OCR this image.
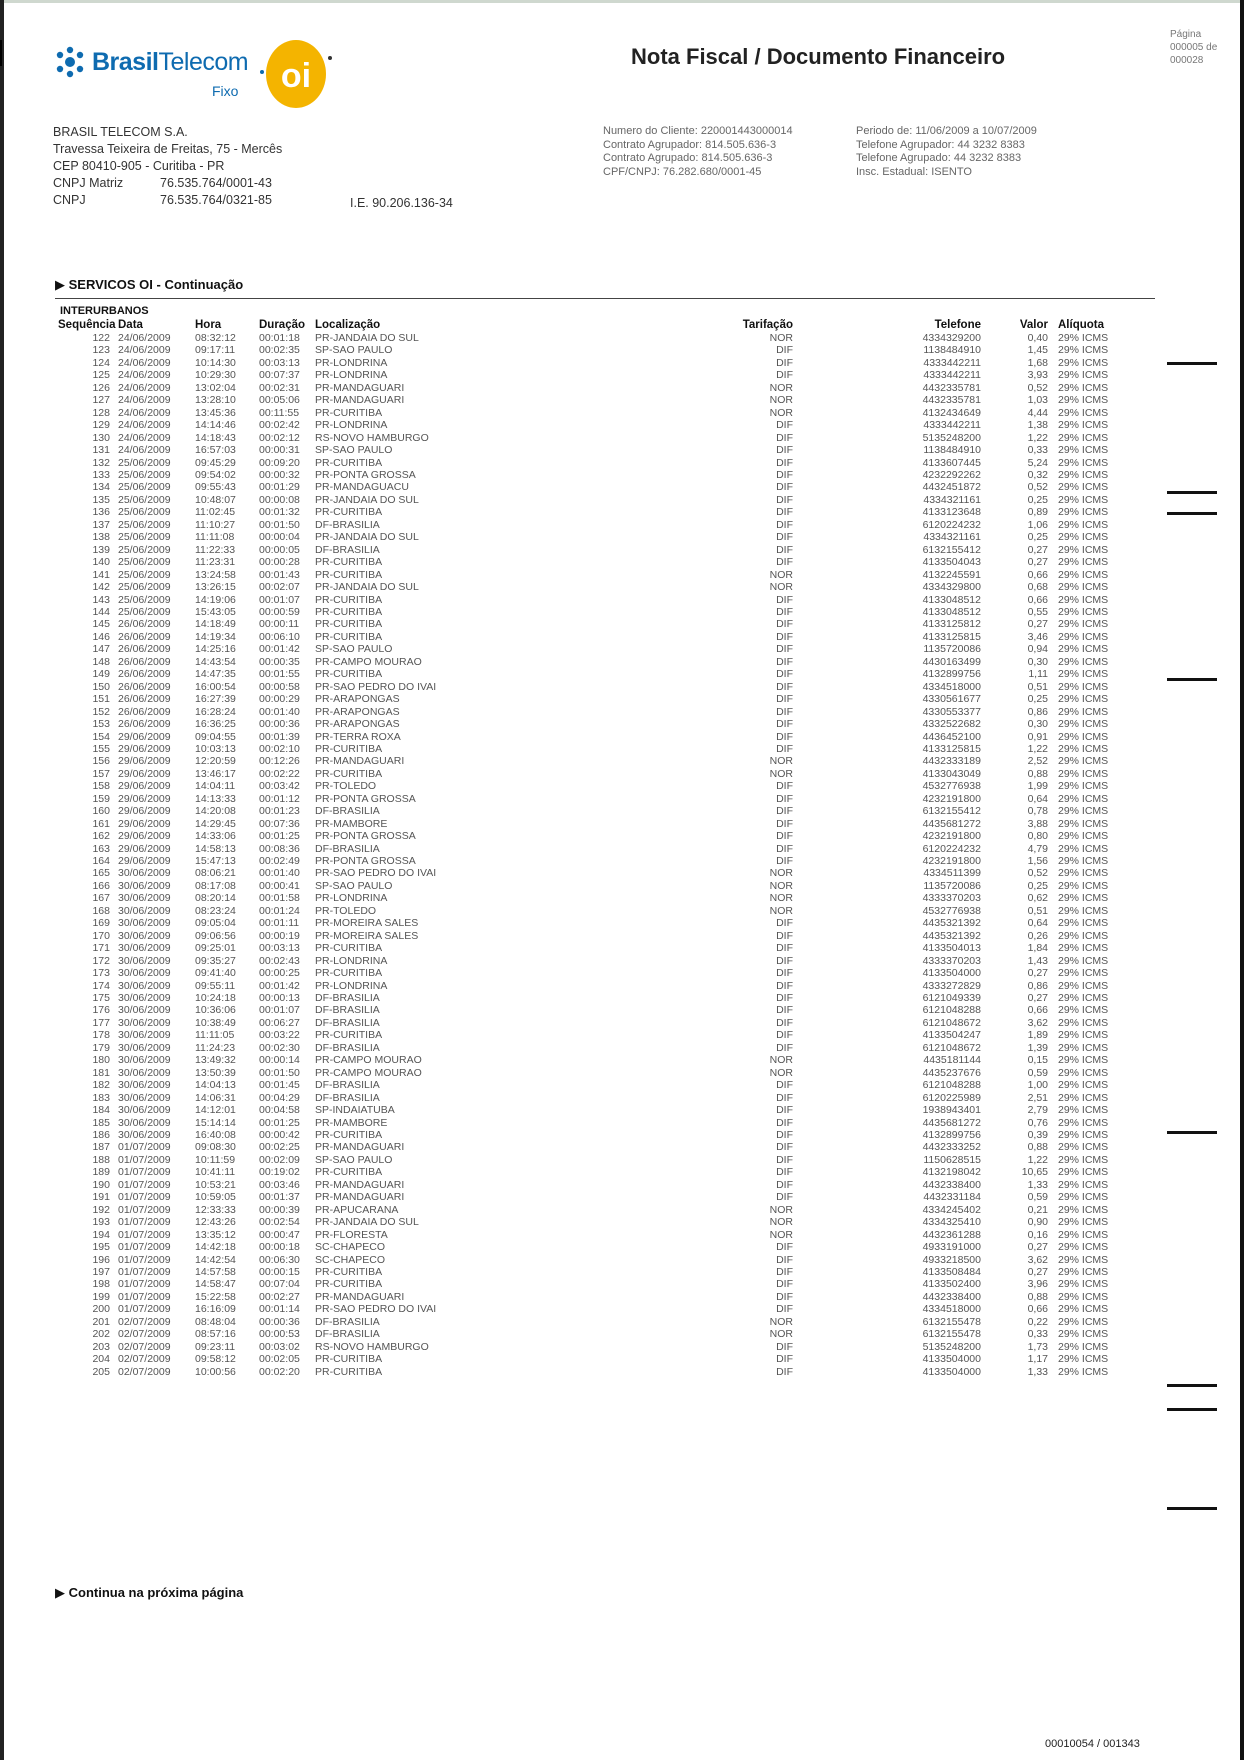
BrasilTelecom
Fixo oi
Nota Fiscal / Documento Financeiro
Página
000005 de
000028
BRASIL TELECOM S.A.
Travessa Teixeira de Freitas, 75 - Mercês
CEP 80410-905 - Curitiba - PR
CNPJ Matriz	76.535.764/0001-43
CNPJ	76.535.764/0321-85	I.E. 90.206.136-34
Numero do Cliente: 220001443000014
Contrato Agrupador: 814.505.636-3
Contrato Agrupado: 814.505.636-3
CPF/CNPJ: 76.282.680/0001-45
Periodo de: 11/06/2009 a 10/07/2009
Telefone Agrupador: 44 3232 8383
Telefone Agrupado: 44 3232 8383
Insc. Estadual: ISENTO
▶ SERVICOS OI - Continuação
INTERURBANOS
Sequência	Data	Hora	Duração	Localização	Tarifação	Telefone	Valor	Alíquota
122	24/06/2009	08:32:12	00:01:18	PR-JANDAIA DO SUL	NOR	4334329200	0,40	29% ICMS
123	24/06/2009	09:17:11	00:02:35	SP-SAO PAULO	DIF	1138484910	1,45	29% ICMS
124	24/06/2009	10:14:30	00:03:13	PR-LONDRINA	DIF	4333442211	1,68	29% ICMS
125	24/06/2009	10:29:30	00:07:37	PR-LONDRINA	DIF	4333442211	3,93	29% ICMS
126	24/06/2009	13:02:04	00:02:31	PR-MANDAGUARI	NOR	4432335781	0,52	29% ICMS
127	24/06/2009	13:28:10	00:05:06	PR-MANDAGUARI	NOR	4432335781	1,03	29% ICMS
128	24/06/2009	13:45:36	00:11:55	PR-CURITIBA	NOR	4132434649	4,44	29% ICMS
129	24/06/2009	14:14:46	00:02:42	PR-LONDRINA	DIF	4333442211	1,38	29% ICMS
130	24/06/2009	14:18:43	00:02:12	RS-NOVO HAMBURGO	DIF	5135248200	1,22	29% ICMS
131	24/06/2009	16:57:03	00:00:31	SP-SAO PAULO	DIF	1138484910	0,33	29% ICMS
132	25/06/2009	09:45:29	00:09:20	PR-CURITIBA	DIF	4133607445	5,24	29% ICMS
133	25/06/2009	09:54:02	00:00:32	PR-PONTA GROSSA	DIF	4232292262	0,32	29% ICMS
134	25/06/2009	09:55:43	00:01:29	PR-MANDAGUACU	DIF	4432451872	0,52	29% ICMS
135	25/06/2009	10:48:07	00:00:08	PR-JANDAIA DO SUL	DIF	4334321161	0,25	29% ICMS
136	25/06/2009	11:02:45	00:01:32	PR-CURITIBA	DIF	4133123648	0,89	29% ICMS
137	25/06/2009	11:10:27	00:01:50	DF-BRASILIA	DIF	6120224232	1,06	29% ICMS
138	25/06/2009	11:11:08	00:00:04	PR-JANDAIA DO SUL	DIF	4334321161	0,25	29% ICMS
139	25/06/2009	11:22:33	00:00:05	DF-BRASILIA	DIF	6132155412	0,27	29% ICMS
140	25/06/2009	11:23:31	00:00:28	PR-CURITIBA	DIF	4133504043	0,27	29% ICMS
141	25/06/2009	13:24:58	00:01:43	PR-CURITIBA	NOR	4132245591	0,66	29% ICMS
142	25/06/2009	13:26:15	00:02:07	PR-JANDAIA DO SUL	NOR	4334329800	0,68	29% ICMS
143	25/06/2009	14:19:06	00:01:07	PR-CURITIBA	DIF	4133048512	0,66	29% ICMS
144	25/06/2009	15:43:05	00:00:59	PR-CURITIBA	DIF	4133048512	0,55	29% ICMS
145	26/06/2009	14:18:49	00:00:11	PR-CURITIBA	DIF	4133125812	0,27	29% ICMS
146	26/06/2009	14:19:34	00:06:10	PR-CURITIBA	DIF	4133125815	3,46	29% ICMS
147	26/06/2009	14:25:16	00:01:42	SP-SAO PAULO	DIF	1135720086	0,94	29% ICMS
148	26/06/2009	14:43:54	00:00:35	PR-CAMPO MOURAO	DIF	4430163499	0,30	29% ICMS
149	26/06/2009	14:47:35	00:01:55	PR-CURITIBA	DIF	4132899756	1,11	29% ICMS
150	26/06/2009	16:00:54	00:00:58	PR-SAO PEDRO DO IVAI	DIF	4334518000	0,51	29% ICMS
151	26/06/2009	16:27:39	00:00:29	PR-ARAPONGAS	DIF	4330561677	0,25	29% ICMS
152	26/06/2009	16:28:24	00:01:40	PR-ARAPONGAS	DIF	4330553377	0,86	29% ICMS
153	26/06/2009	16:36:25	00:00:36	PR-ARAPONGAS	DIF	4332522682	0,30	29% ICMS
154	29/06/2009	09:04:55	00:01:39	PR-TERRA ROXA	DIF	4436452100	0,91	29% ICMS
155	29/06/2009	10:03:13	00:02:10	PR-CURITIBA	DIF	4133125815	1,22	29% ICMS
156	29/06/2009	12:20:59	00:12:26	PR-MANDAGUARI	NOR	4432333189	2,52	29% ICMS
157	29/06/2009	13:46:17	00:02:22	PR-CURITIBA	NOR	4133043049	0,88	29% ICMS
158	29/06/2009	14:04:11	00:03:42	PR-TOLEDO	DIF	4532776938	1,99	29% ICMS
159	29/06/2009	14:13:33	00:01:12	PR-PONTA GROSSA	DIF	4232191800	0,64	29% ICMS
160	29/06/2009	14:20:08	00:01:23	DF-BRASILIA	DIF	6132155412	0,78	29% ICMS
161	29/06/2009	14:29:45	00:07:36	PR-MAMBORE	DIF	4435681272	3,88	29% ICMS
162	29/06/2009	14:33:06	00:01:25	PR-PONTA GROSSA	DIF	4232191800	0,80	29% ICMS
163	29/06/2009	14:58:13	00:08:36	DF-BRASILIA	DIF	6120224232	4,79	29% ICMS
164	29/06/2009	15:47:13	00:02:49	PR-PONTA GROSSA	DIF	4232191800	1,56	29% ICMS
165	30/06/2009	08:06:21	00:01:40	PR-SAO PEDRO DO IVAI	NOR	4334511399	0,52	29% ICMS
166	30/06/2009	08:17:08	00:00:41	SP-SAO PAULO	NOR	1135720086	0,25	29% ICMS
167	30/06/2009	08:20:14	00:01:58	PR-LONDRINA	NOR	4333370203	0,62	29% ICMS
168	30/06/2009	08:23:24	00:01:24	PR-TOLEDO	NOR	4532776938	0,51	29% ICMS
169	30/06/2009	09:05:04	00:01:11	PR-MOREIRA SALES	DIF	4435321392	0,64	29% ICMS
170	30/06/2009	09:06:56	00:00:19	PR-MOREIRA SALES	DIF	4435321392	0,26	29% ICMS
171	30/06/2009	09:25:01	00:03:13	PR-CURITIBA	DIF	4133504013	1,84	29% ICMS
172	30/06/2009	09:35:27	00:02:43	PR-LONDRINA	DIF	4333370203	1,43	29% ICMS
173	30/06/2009	09:41:40	00:00:25	PR-CURITIBA	DIF	4133504000	0,27	29% ICMS
174	30/06/2009	09:55:11	00:01:42	PR-LONDRINA	DIF	4333272829	0,86	29% ICMS
175	30/06/2009	10:24:18	00:00:13	DF-BRASILIA	DIF	6121049339	0,27	29% ICMS
176	30/06/2009	10:36:06	00:01:07	DF-BRASILIA	DIF	6121048288	0,66	29% ICMS
177	30/06/2009	10:38:49	00:06:27	DF-BRASILIA	DIF	6121048672	3,62	29% ICMS
178	30/06/2009	11:11:05	00:03:22	PR-CURITIBA	DIF	4133504247	1,89	29% ICMS
179	30/06/2009	11:24:23	00:02:30	DF-BRASILIA	DIF	6121048672	1,39	29% ICMS
180	30/06/2009	13:49:32	00:00:14	PR-CAMPO MOURAO	NOR	4435181144	0,15	29% ICMS
181	30/06/2009	13:50:39	00:01:50	PR-CAMPO MOURAO	NOR	4435237676	0,59	29% ICMS
182	30/06/2009	14:04:13	00:01:45	DF-BRASILIA	DIF	6121048288	1,00	29% ICMS
183	30/06/2009	14:06:31	00:04:29	DF-BRASILIA	DIF	6120225989	2,51	29% ICMS
184	30/06/2009	14:12:01	00:04:58	SP-INDAIATUBA	DIF	1938943401	2,79	29% ICMS
185	30/06/2009	15:14:14	00:01:25	PR-MAMBORE	DIF	4435681272	0,76	29% ICMS
186	30/06/2009	16:40:08	00:00:42	PR-CURITIBA	DIF	4132899756	0,39	29% ICMS
187	01/07/2009	09:08:30	00:02:25	PR-MANDAGUARI	DIF	4432333252	0,88	29% ICMS
188	01/07/2009	10:11:59	00:02:09	SP-SAO PAULO	DIF	1150628515	1,22	29% ICMS
189	01/07/2009	10:41:11	00:19:02	PR-CURITIBA	DIF	4132198042	10,65	29% ICMS
190	01/07/2009	10:53:21	00:03:46	PR-MANDAGUARI	DIF	4432338400	1,33	29% ICMS
191	01/07/2009	10:59:05	00:01:37	PR-MANDAGUARI	DIF	4432331184	0,59	29% ICMS
192	01/07/2009	12:33:33	00:00:39	PR-APUCARANA	NOR	4334245402	0,21	29% ICMS
193	01/07/2009	12:43:26	00:02:54	PR-JANDAIA DO SUL	NOR	4334325410	0,90	29% ICMS
194	01/07/2009	13:35:12	00:00:47	PR-FLORESTA	NOR	4432361288	0,16	29% ICMS
195	01/07/2009	14:42:18	00:00:18	SC-CHAPECO	DIF	4933191000	0,27	29% ICMS
196	01/07/2009	14:42:54	00:06:30	SC-CHAPECO	DIF	4933218500	3,62	29% ICMS
197	01/07/2009	14:57:58	00:00:15	PR-CURITIBA	DIF	4133508484	0,27	29% ICMS
198	01/07/2009	14:58:47	00:07:04	PR-CURITIBA	DIF	4133502400	3,96	29% ICMS
199	01/07/2009	15:22:58	00:02:27	PR-MANDAGUARI	DIF	4432338400	0,88	29% ICMS
200	01/07/2009	16:16:09	00:01:14	PR-SAO PEDRO DO IVAI	DIF	4334518000	0,66	29% ICMS
201	02/07/2009	08:48:04	00:00:36	DF-BRASILIA	NOR	6132155478	0,22	29% ICMS
202	02/07/2009	08:57:16	00:00:53	DF-BRASILIA	NOR	6132155478	0,33	29% ICMS
203	02/07/2009	09:23:11	00:03:02	RS-NOVO HAMBURGO	DIF	5135248200	1,73	29% ICMS
204	02/07/2009	09:58:12	00:02:05	PR-CURITIBA	DIF	4133504000	1,17	29% ICMS
205	02/07/2009	10:00:56	00:02:20	PR-CURITIBA	DIF	4133504000	1,33	29% ICMS
▶ Continua na próxima página
00010054 / 001343
